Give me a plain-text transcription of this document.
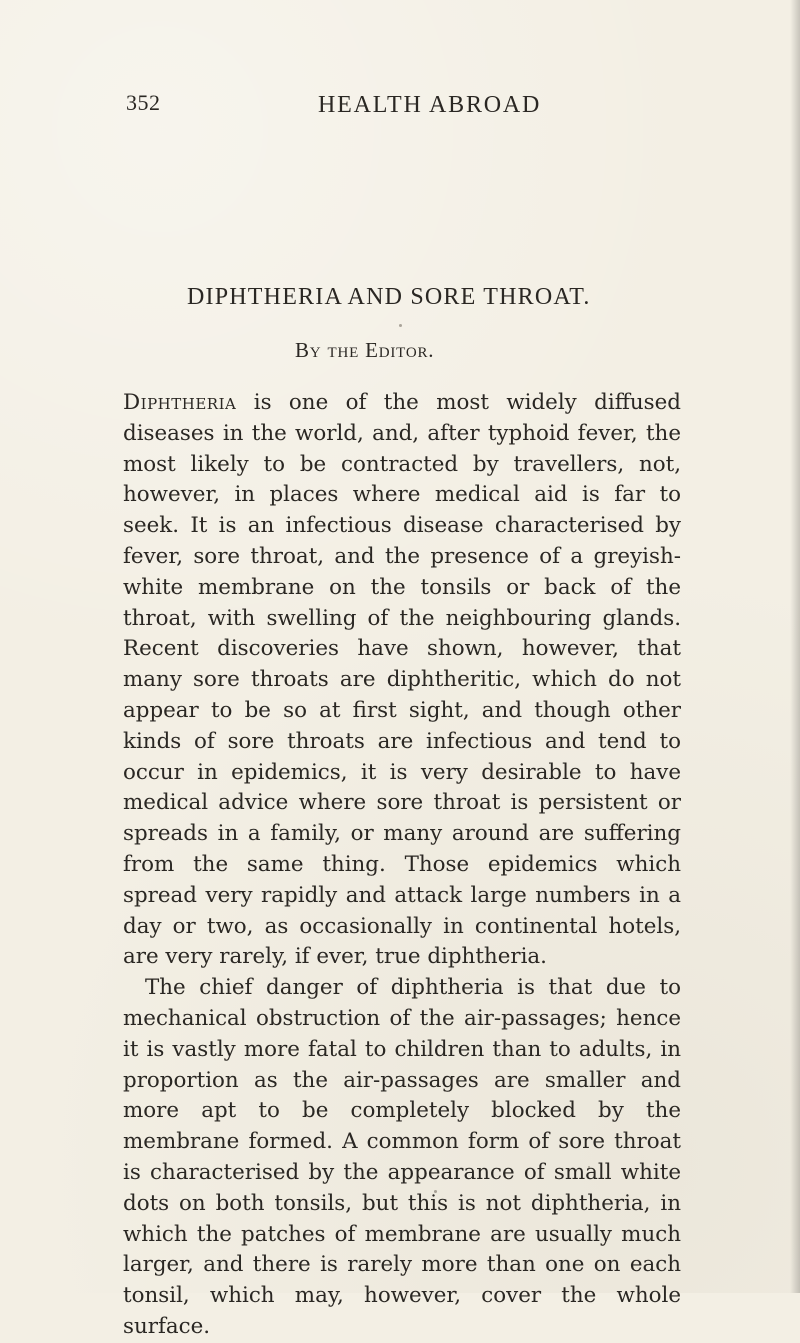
352	HEALTH ABROAD
DIPHTHERIA AND SORE THROAT.
By the Editor.

Diphtheria is one of the most widely diffused diseases in the world, and, after typhoid fever, the most likely to be contracted by travellers, not, however, in places where medical aid is far to seek. It is an infectious disease characterised by fever, sore throat, and the presence of a greyish-white membrane on the tonsils or back of the throat, with swelling of the neighbouring glands. Recent discoveries have shown, however, that many sore throats are diphtheritic, which do not appear to be so at first sight, and though other kinds of sore throats are infectious and tend to occur in epidemics, it is very desirable to have medical advice where sore throat is persistent or spreads in a family, or many around are suffering from the same thing. Those epidemics which spread very rapidly and attack large numbers in a day or two, as occasionally in continental hotels, are very rarely, if ever, true diphtheria.

The chief danger of diphtheria is that due to mechanical obstruction of the air-passages; hence it is vastly more fatal to children than to adults, in proportion as the air-passages are smaller and more apt to be completely blocked by the membrane formed. A common form of sore throat is characterised by the appearance of small white dots on both tonsils, but this is not diphtheria, in which the patches of membrane are usually much larger, and there is rarely more than one on each tonsil, which may, however, cover the whole surface.
